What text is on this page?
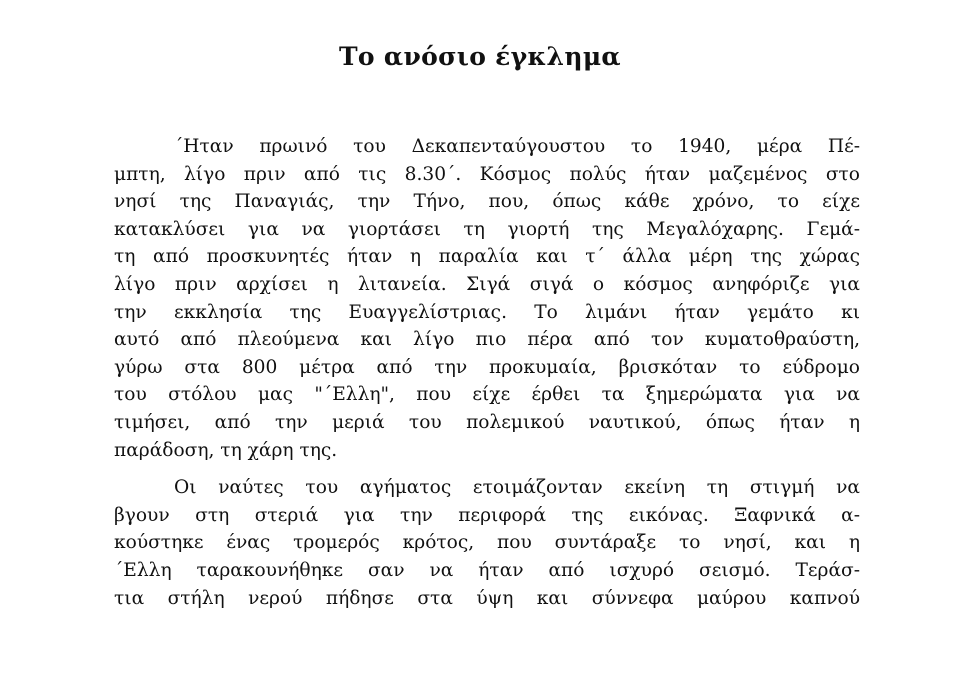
Το ανόσιο έγκλημα
΄Ηταν πρωινό του Δεκαπενταύγουστου το 1940, μέρα Πέ-
μπτη, λίγο πριν από τις 8.30΄. Κόσμος πολύς ήταν μαζεμένος στο
νησί της Παναγιάς, την Τήνο, που, όπως κάθε χρόνο, το είχε
κατακλύσει για να γιορτάσει τη γιορτή της Μεγαλόχαρης. Γεμά-
τη από προσκυνητές ήταν η παραλία και τ΄ άλλα μέρη της χώρας
λίγο πριν αρχίσει η λιτανεία. Σιγά σιγά ο κόσμος ανηφόριζε για
την εκκλησία της Ευαγγελίστριας. Το λιμάνι ήταν γεμάτο κι
αυτό από πλεούμενα και λίγο πιο πέρα από τον κυματοθραύστη,
γύρω στα 800 μέτρα από την προκυμαία, βρισκόταν το εύδρομο
του στόλου μας "΄Ελλη", που είχε έρθει τα ξημερώματα για να
τιμήσει, από την μεριά του πολεμικού ναυτικού, όπως ήταν η
παράδοση, τη χάρη της.
Οι ναύτες του αγήματος ετοιμάζονταν εκείνη τη στιγμή να
βγουν στη στεριά για την περιφορά της εικόνας. Ξαφνικά α-
κούστηκε ένας τρομερός κρότος, που συντάραξε το νησί, και η
΄Ελλη ταρακουνήθηκε σαν να ήταν από ισχυρό σεισμό. Τεράσ-
τια στήλη νερού πήδησε στα ύψη και σύννεφα μαύρου καπνού
